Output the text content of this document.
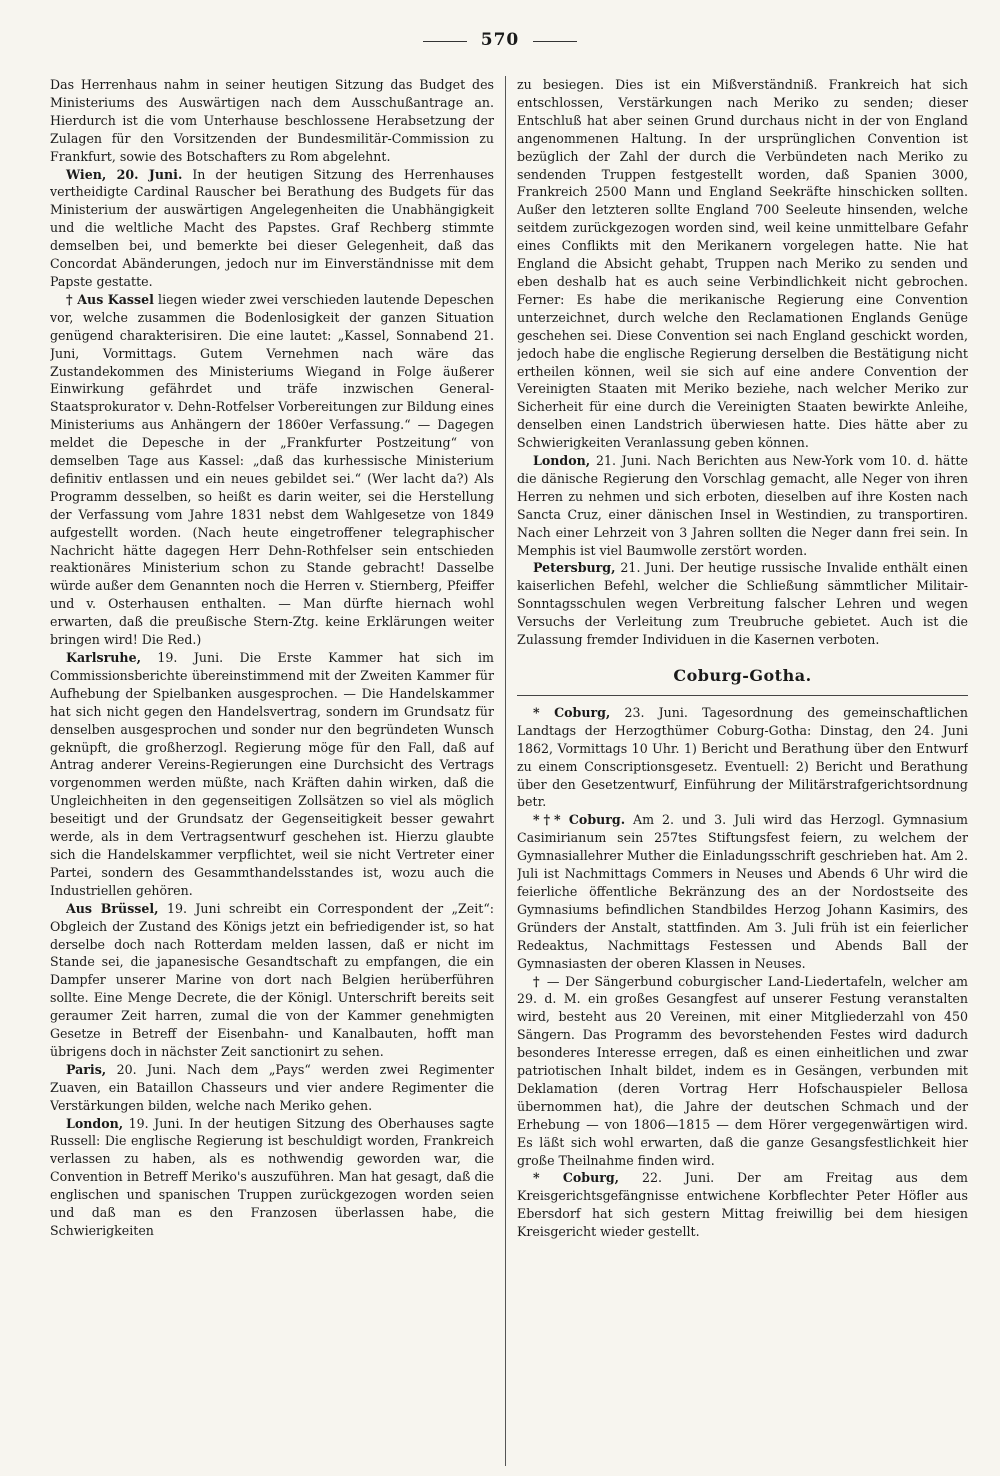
570

Das Herrenhaus nahm in seiner heutigen Sitzung das Budget des Ministeriums des Auswärtigen nach dem Ausschußantrage an. Hierdurch ist die vom Unterhause beschlossene Herabsetzung der Zulagen für den Vorsitzenden der Bundesmilitär-Commission zu Frankfurt, sowie des Botschafters zu Rom abgelehnt.

Wien, 20. Juni. In der heutigen Sitzung des Herrenhauses vertheidigte Cardinal Rauscher bei Berathung des Budgets für das Ministerium der auswärtigen Angelegenheiten die Unabhängigkeit und die weltliche Macht des Papstes. Graf Rechberg stimmte demselben bei, und bemerkte bei dieser Gelegenheit, daß das Concordat Abänderungen, jedoch nur im Einverständnisse mit dem Papste gestatte.

† Aus Kassel liegen wieder zwei verschieden lautende Depeschen vor, welche zusammen die Bodenlosigkeit der ganzen Situation genügend charakterisiren. Die eine lautet: „Kassel, Sonnabend 21. Juni, Vormittags. Gutem Vernehmen nach wäre das Zustandekommen des Ministeriums Wiegand in Folge äußerer Einwirkung gefährdet und träfe inzwischen General-Staatsprokurator v. Dehn-Rotfelser Vorbereitungen zur Bildung eines Ministeriums aus Anhängern der 1860er Verfassung.“ — Dagegen meldet die Depesche in der „Frankfurter Postzeitung“ von demselben Tage aus Kassel: „daß das kurhessische Ministerium definitiv entlassen und ein neues gebildet sei.“ (Wer lacht da?) Als Programm desselben, so heißt es darin weiter, sei die Herstellung der Verfassung vom Jahre 1831 nebst dem Wahlgesetze von 1849 aufgestellt worden. (Nach heute eingetroffener telegraphischer Nachricht hätte dagegen Herr Dehn-Rothfelser sein entschieden reaktionäres Ministerium schon zu Stande gebracht! Dasselbe würde außer dem Genannten noch die Herren v. Stiernberg, Pfeiffer und v. Osterhausen enthalten. — Man dürfte hiernach wohl erwarten, daß die preußische Stern-Ztg. keine Erklärungen weiter bringen wird! Die Red.)

Karlsruhe, 19. Juni. Die Erste Kammer hat sich im Commissionsberichte übereinstimmend mit der Zweiten Kammer für Aufhebung der Spielbanken ausgesprochen. — Die Handelskammer hat sich nicht gegen den Handelsvertrag, sondern im Grundsatz für denselben ausgesprochen und sonder nur den begründeten Wunsch geknüpft, die großherzogl. Regierung möge für den Fall, daß auf Antrag anderer Vereins-Regierungen eine Durchsicht des Vertrags vorgenommen werden müßte, nach Kräften dahin wirken, daß die Ungleichheiten in den gegenseitigen Zollsätzen so viel als möglich beseitigt und der Grundsatz der Gegenseitigkeit besser gewahrt werde, als in dem Vertragsentwurf geschehen ist. Hierzu glaubte sich die Handelskammer verpflichtet, weil sie nicht Vertreter einer Partei, sondern des Gesammthandelsstandes ist, wozu auch die Industriellen gehören.

Aus Brüssel, 19. Juni schreibt ein Correspondent der „Zeit“: Obgleich der Zustand des Königs jetzt ein befriedigender ist, so hat derselbe doch nach Rotterdam melden lassen, daß er nicht im Stande sei, die japanesische Gesandtschaft zu empfangen, die ein Dampfer unserer Marine von dort nach Belgien herüberführen sollte. Eine Menge Decrete, die der Königl. Unterschrift bereits seit geraumer Zeit harren, zumal die von der Kammer genehmigten Gesetze in Betreff der Eisenbahn- und Kanalbauten, hofft man übrigens doch in nächster Zeit sanctionirt zu sehen.

Paris, 20. Juni. Nach dem „Pays“ werden zwei Regimenter Zuaven, ein Bataillon Chasseurs und vier andere Regimenter die Verstärkungen bilden, welche nach Meriko gehen.

London, 19. Juni. In der heutigen Sitzung des Oberhauses sagte Russell: Die englische Regierung ist beschuldigt worden, Frankreich verlassen zu haben, als es nothwendig geworden war, die Convention in Betreff Meriko's auszuführen. Man hat gesagt, daß die englischen und spanischen Truppen zurückgezogen worden seien und daß man es den Franzosen überlassen habe, die Schwierigkeiten

zu besiegen. Dies ist ein Mißverständniß. Frankreich hat sich entschlossen, Verstärkungen nach Meriko zu senden; dieser Entschluß hat aber seinen Grund durchaus nicht in der von England angenommenen Haltung. In der ursprünglichen Convention ist bezüglich der Zahl der durch die Verbündeten nach Meriko zu sendenden Truppen festgestellt worden, daß Spanien 3000, Frankreich 2500 Mann und England Seekräfte hinschicken sollten. Außer den letzteren sollte England 700 Seeleute hinsenden, welche seitdem zurückgezogen worden sind, weil keine unmittelbare Gefahr eines Conflikts mit den Merikanern vorgelegen hatte. Nie hat England die Absicht gehabt, Truppen nach Meriko zu senden und eben deshalb hat es auch seine Verbindlichkeit nicht gebrochen. Ferner: Es habe die merikanische Regierung eine Convention unterzeichnet, durch welche den Reclamationen Englands Genüge geschehen sei. Diese Convention sei nach England geschickt worden, jedoch habe die englische Regierung derselben die Bestätigung nicht ertheilen können, weil sie sich auf eine andere Convention der Vereinigten Staaten mit Meriko beziehe, nach welcher Meriko zur Sicherheit für eine durch die Vereinigten Staaten bewirkte Anleihe, denselben einen Landstrich überwiesen hatte. Dies hätte aber zu Schwierigkeiten Veranlassung geben können.

London, 21. Juni. Nach Berichten aus New-York vom 10. d. hätte die dänische Regierung den Vorschlag gemacht, alle Neger von ihren Herren zu nehmen und sich erboten, dieselben auf ihre Kosten nach Sancta Cruz, einer dänischen Insel in Westindien, zu transportiren. Nach einer Lehrzeit von 3 Jahren sollten die Neger dann frei sein. In Memphis ist viel Baumwolle zerstört worden.

Petersburg, 21. Juni. Der heutige russische Invalide enthält einen kaiserlichen Befehl, welcher die Schließung sämmtlicher Militair-Sonntagsschulen wegen Verbreitung falscher Lehren und wegen Versuchs der Verleitung zum Treubruche gebietet. Auch ist die Zulassung fremder Individuen in die Kasernen verboten.

Coburg-Gotha.

* Coburg, 23. Juni. Tagesordnung des gemeinschaftlichen Landtags der Herzogthümer Coburg-Gotha: Dinstag, den 24. Juni 1862, Vormittags 10 Uhr. 1) Bericht und Berathung über den Entwurf zu einem Conscriptionsgesetz. Eventuell: 2) Bericht und Berathung über den Gesetzentwurf, Einführung der Militärstrafgerichtsordnung betr.

*†* Coburg. Am 2. und 3. Juli wird das Herzogl. Gymnasium Casimirianum sein 257tes Stiftungsfest feiern, zu welchem der Gymnasiallehrer Muther die Einladungsschrift geschrieben hat. Am 2. Juli ist Nachmittags Commers in Neuses und Abends 6 Uhr wird die feierliche öffentliche Bekränzung des an der Nordostseite des Gymnasiums befindlichen Standbildes Herzog Johann Kasimirs, des Gründers der Anstalt, stattfinden. Am 3. Juli früh ist ein feierlicher Redeaktus, Nachmittags Festessen und Abends Ball der Gymnasiasten der oberen Klassen in Neuses.

† — Der Sängerbund coburgischer Land-Liedertafeln, welcher am 29. d. M. ein großes Gesangfest auf unserer Festung veranstalten wird, besteht aus 20 Vereinen, mit einer Mitgliederzahl von 450 Sängern. Das Programm des bevorstehenden Festes wird dadurch besonderes Interesse erregen, daß es einen einheitlichen und zwar patriotischen Inhalt bildet, indem es in Gesängen, verbunden mit Deklamation (deren Vortrag Herr Hofschauspieler Bellosa übernommen hat), die Jahre der deutschen Schmach und der Erhebung — von 1806—1815 — dem Hörer vergegenwärtigen wird. Es läßt sich wohl erwarten, daß die ganze Gesangsfestlichkeit hier große Theilnahme finden wird.

* Coburg, 22. Juni. Der am Freitag aus dem Kreisgerichtsgefängnisse entwichene Korbflechter Peter Höfler aus Ebersdorf hat sich gestern Mittag freiwillig bei dem hiesigen Kreisgericht wieder gestellt.
